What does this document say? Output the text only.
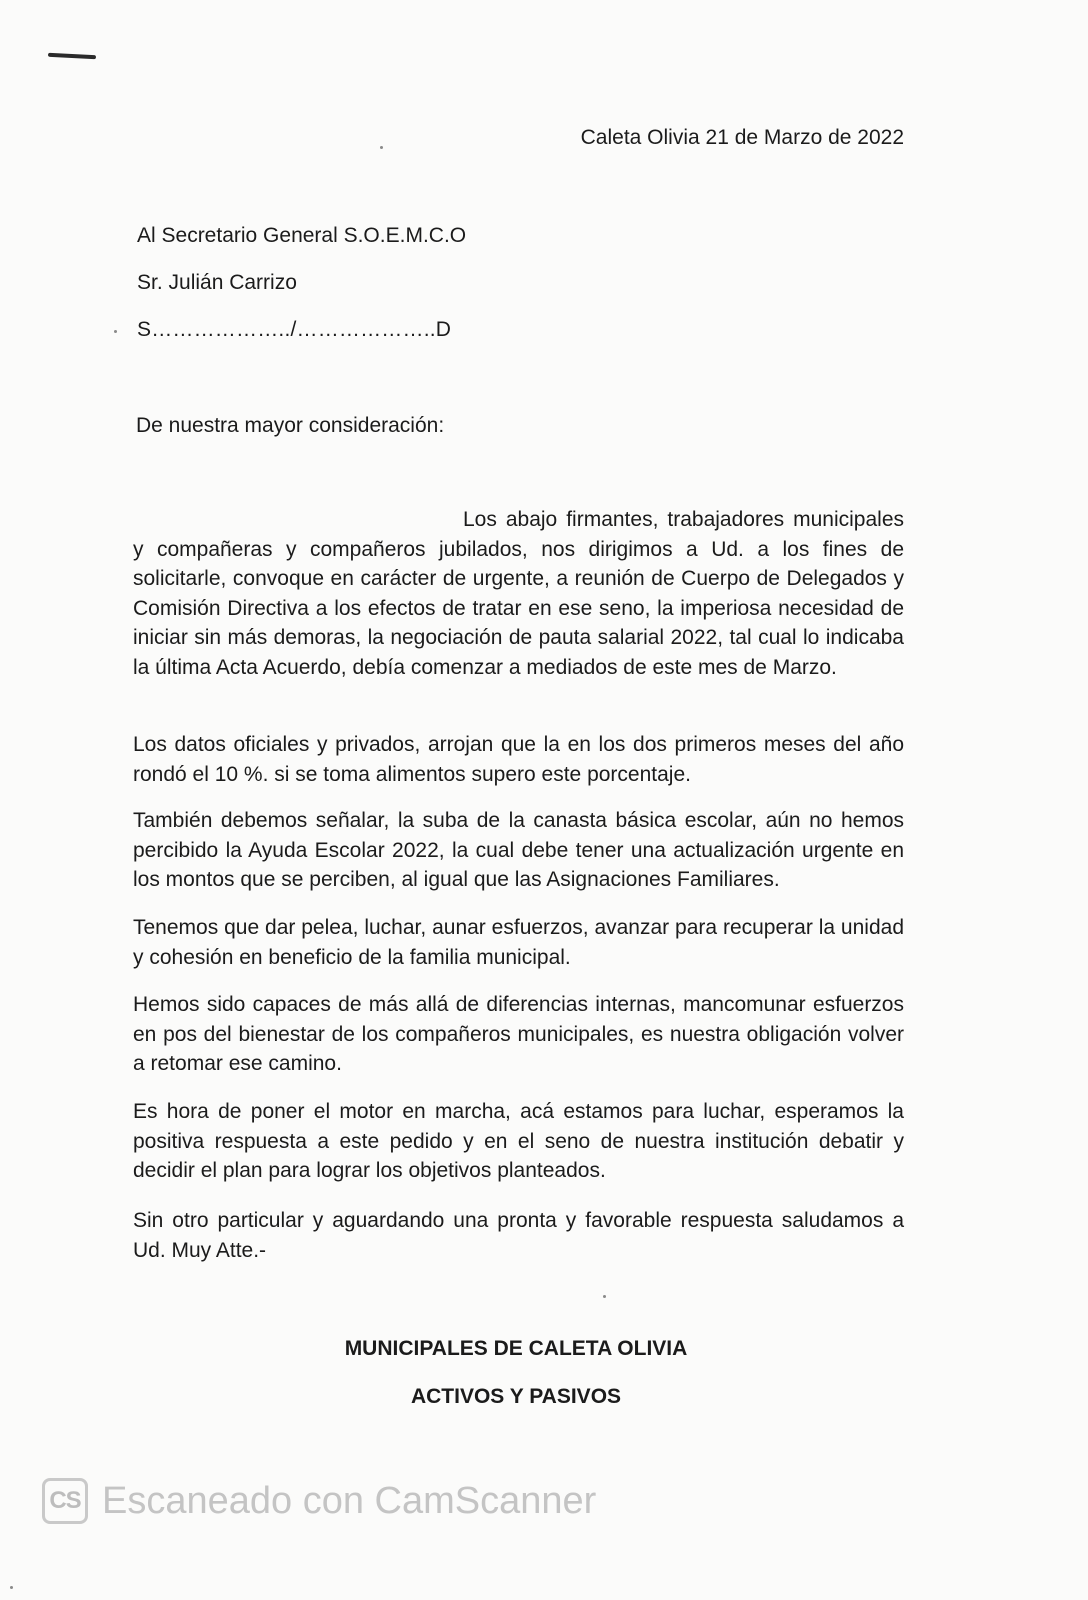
Caleta Olivia 21 de Marzo de 2022
Al Secretario General S.O.E.M.C.O
Sr. Julián Carrizo
S………………../………………..D
De nuestra mayor consideración:

Los abajo firmantes, trabajadores municipales y compañeras y compañeros jubilados, nos dirigimos a Ud. a los fines de solicitarle, convoque en carácter de urgente, a reunión de Cuerpo de Delegados y Comisión Directiva a los efectos de tratar en ese seno, la imperiosa necesidad de iniciar sin más demoras, la negociación de pauta salarial 2022, tal cual lo indicaba la última Acta Acuerdo, debía comenzar a mediados de este mes de Marzo.

Los datos oficiales y privados, arrojan que la en los dos primeros meses del año rondó el 10 %. si se toma alimentos supero este porcentaje.

También debemos señalar, la suba de la canasta básica escolar, aún no hemos percibido la Ayuda Escolar 2022, la cual debe tener una actualización urgente en los montos que se perciben, al igual que las Asignaciones Familiares.

Tenemos que dar pelea, luchar, aunar esfuerzos, avanzar para recuperar la unidad y cohesión en beneficio de la familia municipal.

Hemos sido capaces de más allá de diferencias internas, mancomunar esfuerzos en pos del bienestar de los compañeros municipales, es nuestra obligación volver a retomar ese camino.

Es hora de poner el motor en marcha, acá estamos para luchar, esperamos la positiva respuesta a este pedido y en el seno de nuestra institución debatir y decidir el plan para lograr los objetivos planteados.

Sin otro particular y aguardando una pronta y favorable respuesta saludamos a Ud. Muy Atte.-

MUNICIPALES DE CALETA OLIVIA
ACTIVOS Y PASIVOS
CS Escaneado con CamScanner
